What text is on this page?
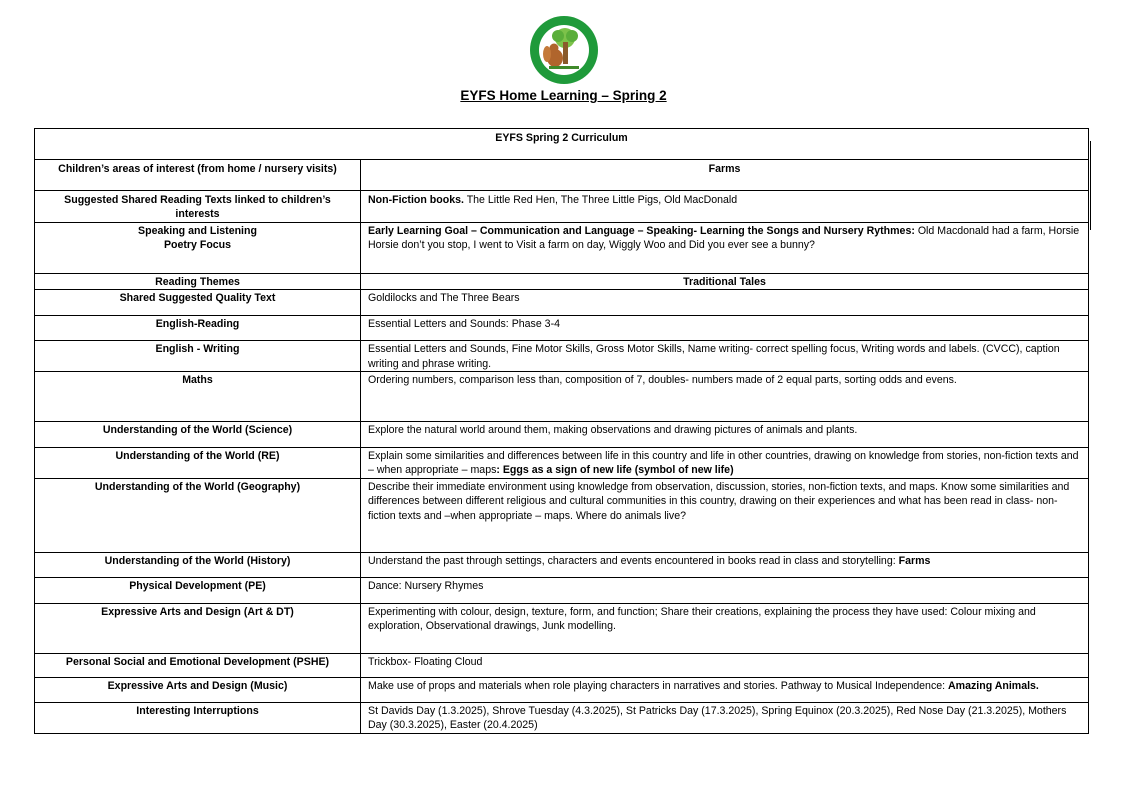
EYFS Home Learning – Spring 2
EYFS Spring 2 Curriculum	
Children’s areas of interest (from home / nursery visits)	Farms
Suggested Shared Reading Texts linked to children’s interests	Non-Fiction books. The Little Red Hen, The Three Little Pigs, Old MacDonald

Speaking and Listening
Poetry Focus	Early Learning Goal – Communication and Language – Speaking- Learning the Songs and Nursery Rythmes: Old Macdonald had a farm, Horsie Horsie don’t you stop, I went to Visit a farm on day, Wiggly Woo and Did you ever see a bunny?
Reading Themes	Traditional Tales
Shared Suggested Quality Text	Goldilocks and The Three Bears
English-Reading	Essential Letters and Sounds: Phase 3-4
English - Writing	Essential Letters and Sounds, Fine Motor Skills, Gross Motor Skills, Name writing- correct spelling focus, Writing words and labels. (CVCC), caption writing and phrase writing.
Maths	Ordering numbers, comparison less than, composition of 7, doubles- numbers made of 2 equal parts, sorting odds and evens.
Understanding of the World (Science)	Explore the natural world around them, making observations and drawing pictures of animals and plants.
Understanding of the World (RE)	Explain some similarities and differences between life in this country and life in other countries, drawing on knowledge from stories, non-fiction texts and – when appropriate – maps: Eggs as a sign of new life (symbol of new life)
Understanding of the World (Geography)	Describe their immediate environment using knowledge from observation, discussion, stories, non-fiction texts, and maps. Know some similarities and differences between different religious and cultural communities in this country, drawing on their experiences and what has been read in class- non-fiction texts and –when appropriate – maps. Where do animals live?
Understanding of the World (History)	Understand the past through settings, characters and events encountered in books read in class and storytelling: Farms
Physical Development (PE)	Dance: Nursery Rhymes
Expressive Arts and Design (Art & DT)	Experimenting with colour, design, texture, form, and function; Share their creations, explaining the process they have used: Colour mixing and exploration, Observational drawings, Junk modelling.
Personal Social and Emotional Development (PSHE)	Trickbox- Floating Cloud
Expressive Arts and Design (Music)	Make use of props and materials when role playing characters in narratives and stories. Pathway to Musical Independence: Amazing Animals.
Interesting Interruptions	St Davids Day (1.3.2025), Shrove Tuesday (4.3.2025), St Patricks Day (17.3.2025), Spring Equinox (20.3.2025), Red Nose Day (21.3.2025), Mothers Day (30.3.2025), Easter (20.4.2025)
